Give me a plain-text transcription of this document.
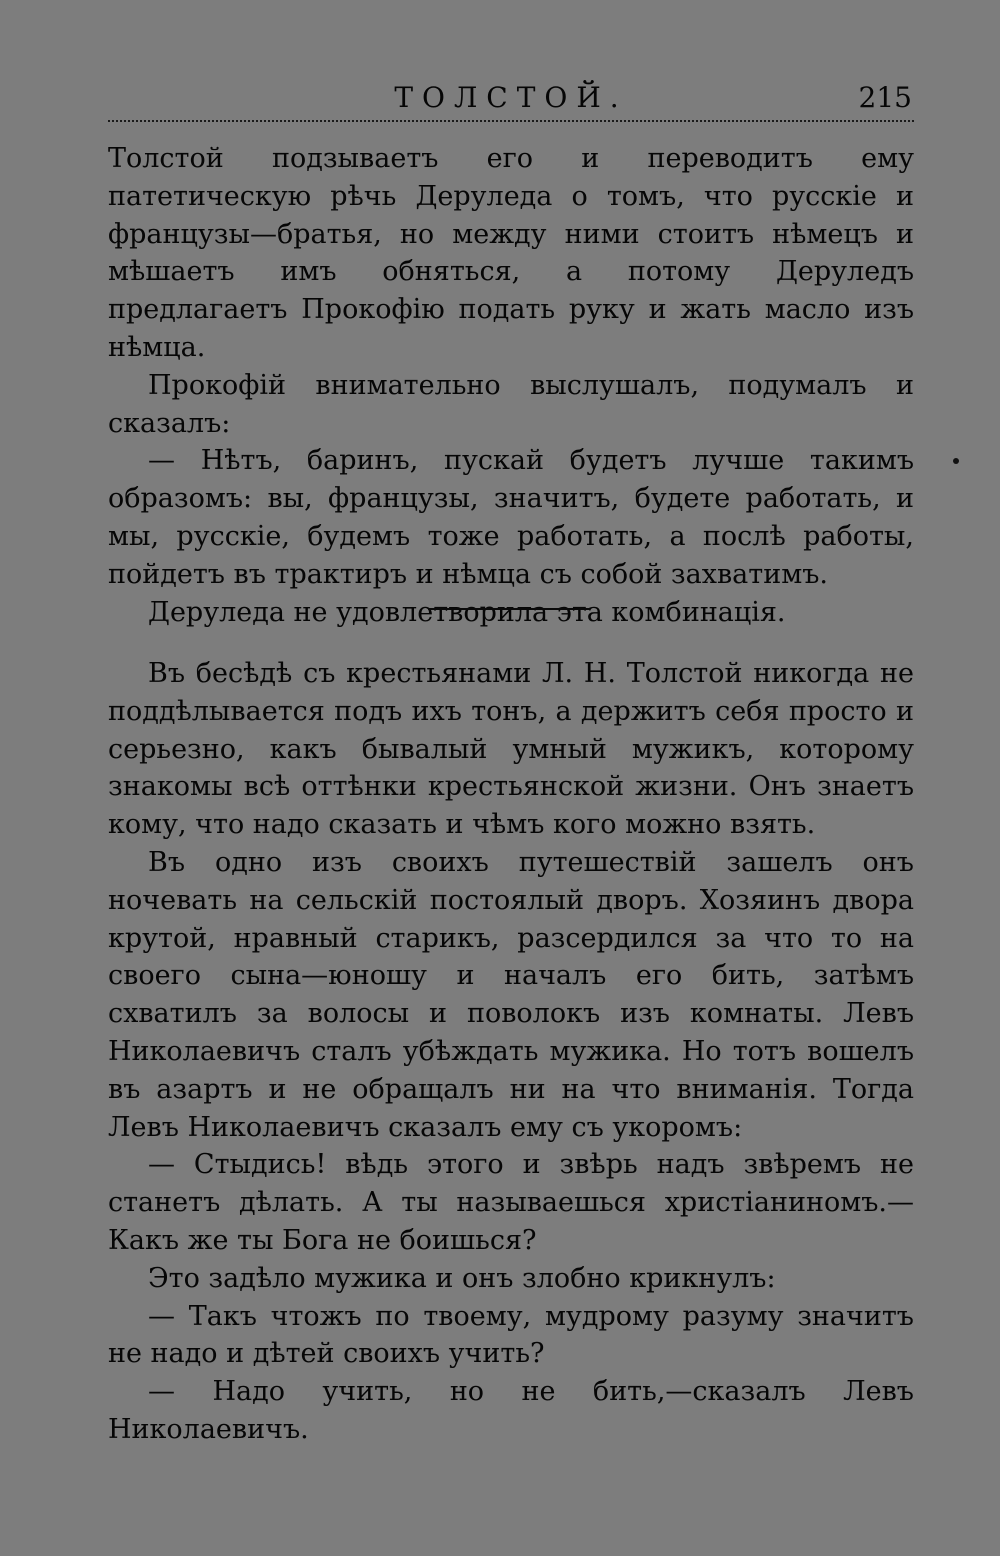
ТОЛСТОЙ.	215

Толстой подзываетъ его и переводитъ ему патетическую рѣчь Деруледа о томъ, что русскіе и французы—братья, но между ними стоитъ нѣмецъ и мѣшаетъ имъ обняться, а потому Деруледъ предлагаетъ Прокофію подать руку и жать масло изъ нѣмца.

Прокофій внимательно выслушалъ, подумалъ и сказалъ:

— Нѣтъ, баринъ, пускай будетъ лучше такимъ образомъ: вы, французы, значитъ, будете работать, и мы, русскіе, будемъ тоже работать, а послѣ работы, пойдетъ въ трактиръ и нѣмца съ собой захватимъ.

Деруледа не удовлетворила эта комбинація.

Въ бесѣдѣ съ крестьянами Л. Н. Толстой никогда не поддѣлывается подъ ихъ тонъ, а держитъ себя просто и серьезно, какъ бывалый умный мужикъ, которому знакомы всѣ оттѣнки крестьянской жизни. Онъ знаетъ кому, что надо сказать и чѣмъ кого можно взять.

Въ одно изъ своихъ путешествій зашелъ онъ ночевать на сельскій постоялый дворъ. Хозяинъ двора крутой, нравный старикъ, разсердился за что то на своего сына—юношу и началъ его бить, затѣмъ схватилъ за волосы и поволокъ изъ комнаты. Левъ Николаевичъ сталъ убѣждать мужика. Но тотъ вошелъ въ азартъ и не обращалъ ни на что вниманія. Тогда Левъ Николаевичъ сказалъ ему съ укоромъ:

— Стыдись! вѣдь этого и звѣрь надъ звѣремъ не станетъ дѣлать. А ты называешься христіаниномъ.—Какъ же ты Бога не боишься?

Это задѣло мужика и онъ злобно крикнулъ:

— Такъ чтожъ по твоему, мудрому разуму значитъ не надо и дѣтей своихъ учить?

— Надо учить, но не бить,—сказалъ Левъ Николаевичъ.
